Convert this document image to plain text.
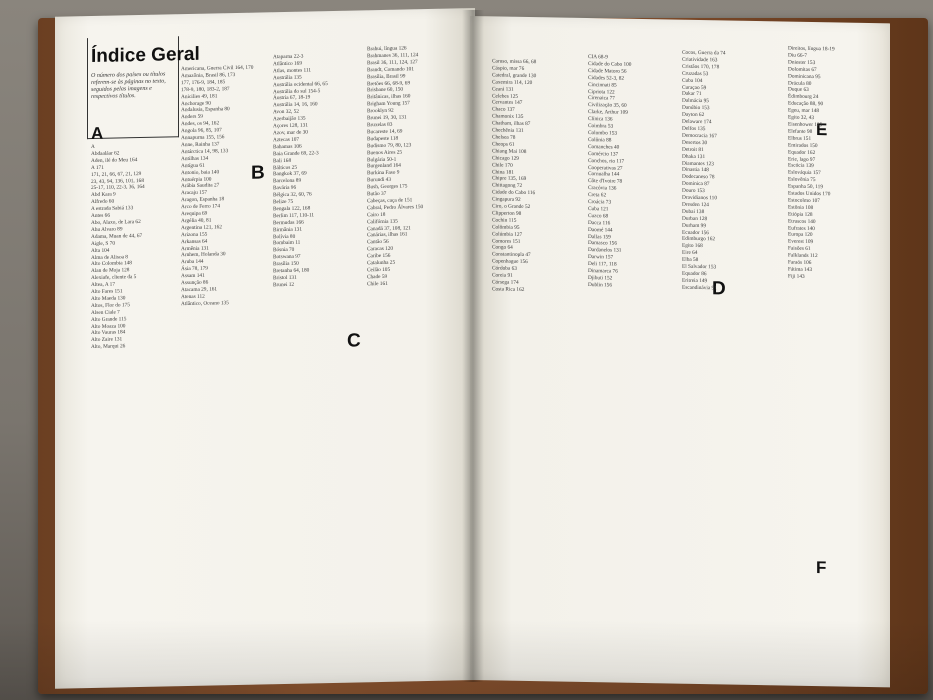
Índice Geral
O número dos países ou títulos referem-se às páginas no texto, seguidos pelas imagens e respectivos títulos.
A
B
C
A
Abdaaláar 62
Aden, ilé do Meu 164
A 171
171, 21, 66, 67, 21, 129
23, 43, 94, 136, 101, 168
25-17, 110, 22-3, 36, 164
Abd Kara 9
Alfredo 60
A estrada Sabiá 133
Antes 66
Abo, Alaxo, de Lara 62
Ahu Alvaro 89
Adama, Muan de 44, 67
Aigle, S 70
Alta 104
Alma de Alisoa 8
Alto Colombia 148
Alan de Moja 128
Alexiafe, cliente da 5
Altea, A 17
Alto Fares 151
Alto Maeda 130
Altos, Flor do 175
Alsen Ciale 7
Alto Grande 115
Alto Moaza 100
Alto Vauras 184
Alto Zaire 131
Alto, Marqui 26
Americana, Guerra Civil 164, 170
Amazônia, Brasil 86, 173
177, 176-9, 184, 185
178-9, 180, 183-2, 187
Anicilies 49, 181
Anchorage 90
Andalusia, Espanha 80
Anders 59
Andes, os 94, 162
Angola 96, 85, 107
Annapurna 155, 156
Anne, Rainha 137
Antárctica 14, 98, 133
Antilhas 134
Antígua 61
Antonio, baia 140
Antuérpia 100
Arábia Saudita 27
Aracaju 157
Aragon, Espanha 18
Arco de Ferro 174
Arequipa 69
Argélia 40, 81
Argentina 121, 162
Arizona 155
Arkansas 64
Armênia 131
Arnhem, Holanda 30
Aruba 144
Ásia 78, 179
Assam 141
Assunção 86
Atacama 29, 161
Atenas 112
Atlântico, Oceano 135
Ataparna 22-3
Atlântico 169
Atlas, montes 111
Austrália 135
Austrália ocidental 66, 65
Austrália do sul 154-5
Áustria 67, 18-19
Austrália 14, 16, 160
Avon 32, 52
Azerbaijão 135
Açores 128, 131
Azov, mar de 30
Aztecas 107
Bahamas 106
Baia Grande 69, 22-3
Bali 168
Bálticos 25
Bangkok 37, 69
Barcelona 89
Bavária 96
Bélgica 32, 60, 76
Belize 75
Bengala 122, 168
Berlim 117, 110-11
Bermudas 166
Birmânia 131
Bolívia 80
Bombaim 11
Bósnia 70
Botswana 97
Brasília 150
Bretanha 64, 180
Bristol 131
Brunei 12
Brahui, língua 126
Brahmanes 36, 111, 124
Brasil 36, 111, 124, 127
Brandt, Comando 101
Brasília, Brasil 99
Bretões 66, 68-9, 69
Brisbane 60, 150
Britânicas, ilhas 160
Brigham Young 157
Brooklyn 92
Brunei 19, 30, 131
Bruxelas 83
Bucareste 14, 69
Budapeste 118
Budismo 79, 80, 123
Buenos Aires 25
Bulgária 50-1
Burgenland 164
Burkina Faso 9
Burundi 43
Bush, Georges 175
Butão 37
Cabeças, caça de 151
Cabral, Pedro Álvares 150
Cairo 18
Califórnia 135
Canadá 37, 108, 121
Canárias, ilhas 161
Cantão 56
Caracas 120
Caribe 156
Catalunha 25
Ceilão 105
Chade 59
Chile 161	D
E
F
Caruso, missa 66, 68
Cáspio, mar 76
Catedral, grande 130
Caxemira 114, 120
Ceará 131
Celebes 125
Cervantes 147
Chaco 137
Chamonix 135
Chatham, ilhas 87
Chechênia 131
Chelsea 78
Cheops 61
Chiang Mai 108
Chicago 129
Chile 170
China 181
Chipre 135, 169
Chittagong 72
Cidade do Cabo 116
Cingapura 92
Ciro, o Grande 52
Clipperton 98
Cochin 115
Colômbia 95
Colúmbia 127
Comores 151
Congo 64
Constantinopla 47
Copenhague 156
Córdoba 63
Coreia 91
Córsega 174
Costa Rica 162
CIA 68-9
Cidade do Cabo 100
Cidade Matoro 56
Cidades 52-3, 82
Cincinnati 85
Cipriota 122
Cirenaica 77
Civilização 35, 60
Clarke, Arthur 109
Clínica 136
Coimbra 53
Colombo 153
Colônia 88
Comanches 40
Comércio 137
Conchos, rio 117
Cooperativas 27
Cornualha 144
Côte d'Ivoire 78
Cracóvia 136
Creta 62
Croácia 73
Cuba 121
Cuzco 68
Dacca 116
Daomé 144
Dallas 159
Damasco 156
Dardanelos 131
Darwin 157
Deli 117, 118
Dinamarca 76
Djibuti 152
Dublin 156
Cocos, Guerra da 74
Criatividade 163
Cristãos 170, 178
Cruzadas 53
Cuba 104
Curaçao 59
Dakar 71
Dalmácia 95
Danúbio 153
Dayton 62
Delaware 174
Delfos 135
Democracia 167
Desertos 30
Detroit 81
Dhaka 131
Diamantes 123
Dinastia 148
Dodecaneso 78
Dominica 87
Douro 153
Dravidianos 110
Dresden 124
Dubai 138
Durban 128
Durham 99
Ecuador 156
Edimburgo 162
Egito 168
Eire 64
Elba 58
El Salvador 153
Equador 86
Eritreia 149
Escandinávia 91
Direitos, língua 18-19
Diu 66-7
Dniester 153
Dolomitas 67
Dominicana 95
Drácula 80
Duque 63
Édimbourg 24
Educação 88, 90
Egeu, mar 148
Egito 32, 43
Eisenhower 125
Elefante 98
Elbrus 151
Emirados 150
Equador 162
Erie, lago 97
Escócia 139
Eslováquia 157
Eslovênia 75
Espanha 50, 119
Estados Unidos 170
Estocolmo 107
Estônia 108
Etiópia 128
Etruscos 140
Eufrates 140
Europa 120
Everest 109
Faisões 61
Falklands 112
Faraós 106
Fátima 143
Fiji 143
